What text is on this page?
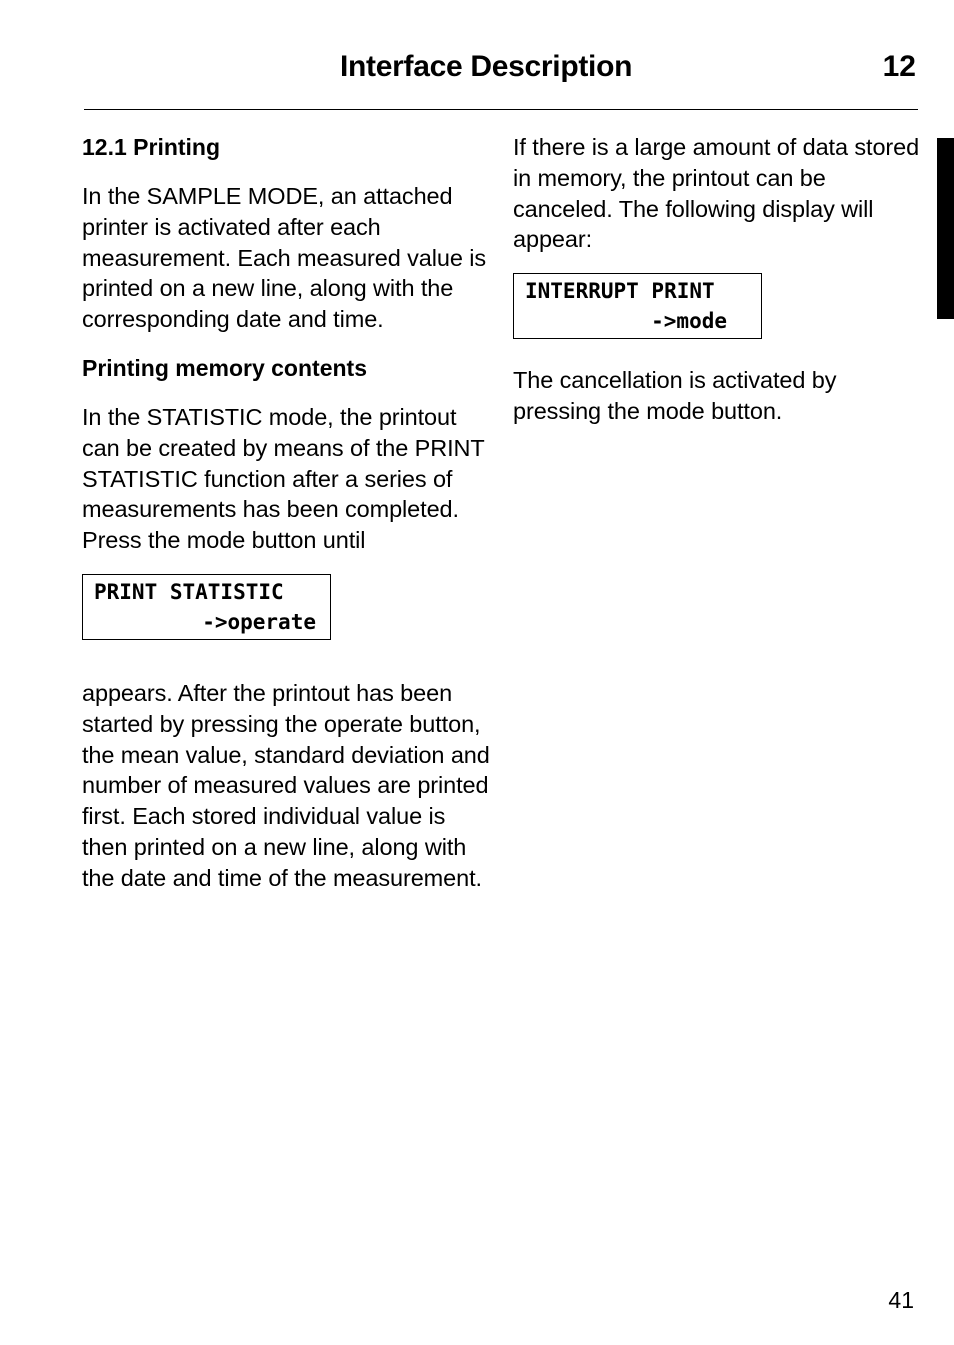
Interface Description	12
12.1 Printing

In the SAMPLE MODE, an attached printer is activated after each measurement. Each measured value is printed on a new line, along with the corresponding date and time.

Printing memory contents

In the STATISTIC mode, the printout can be created by means of the PRINT STATISTIC function after a series of measurements has been completed. Press the mode button until

PRINT STATISTIC
->operate

appears. After the printout has been started by pressing the operate button, the mean value, standard deviation and number of measured values are printed first. Each stored individual value is then printed on a new line, along with the date and time of the measurement.

If there is a large amount of data stored in memory, the printout can be canceled. The following display will appear:

INTERRUPT PRINT
->mode

The cancellation is activated by pressing the mode button.

41
